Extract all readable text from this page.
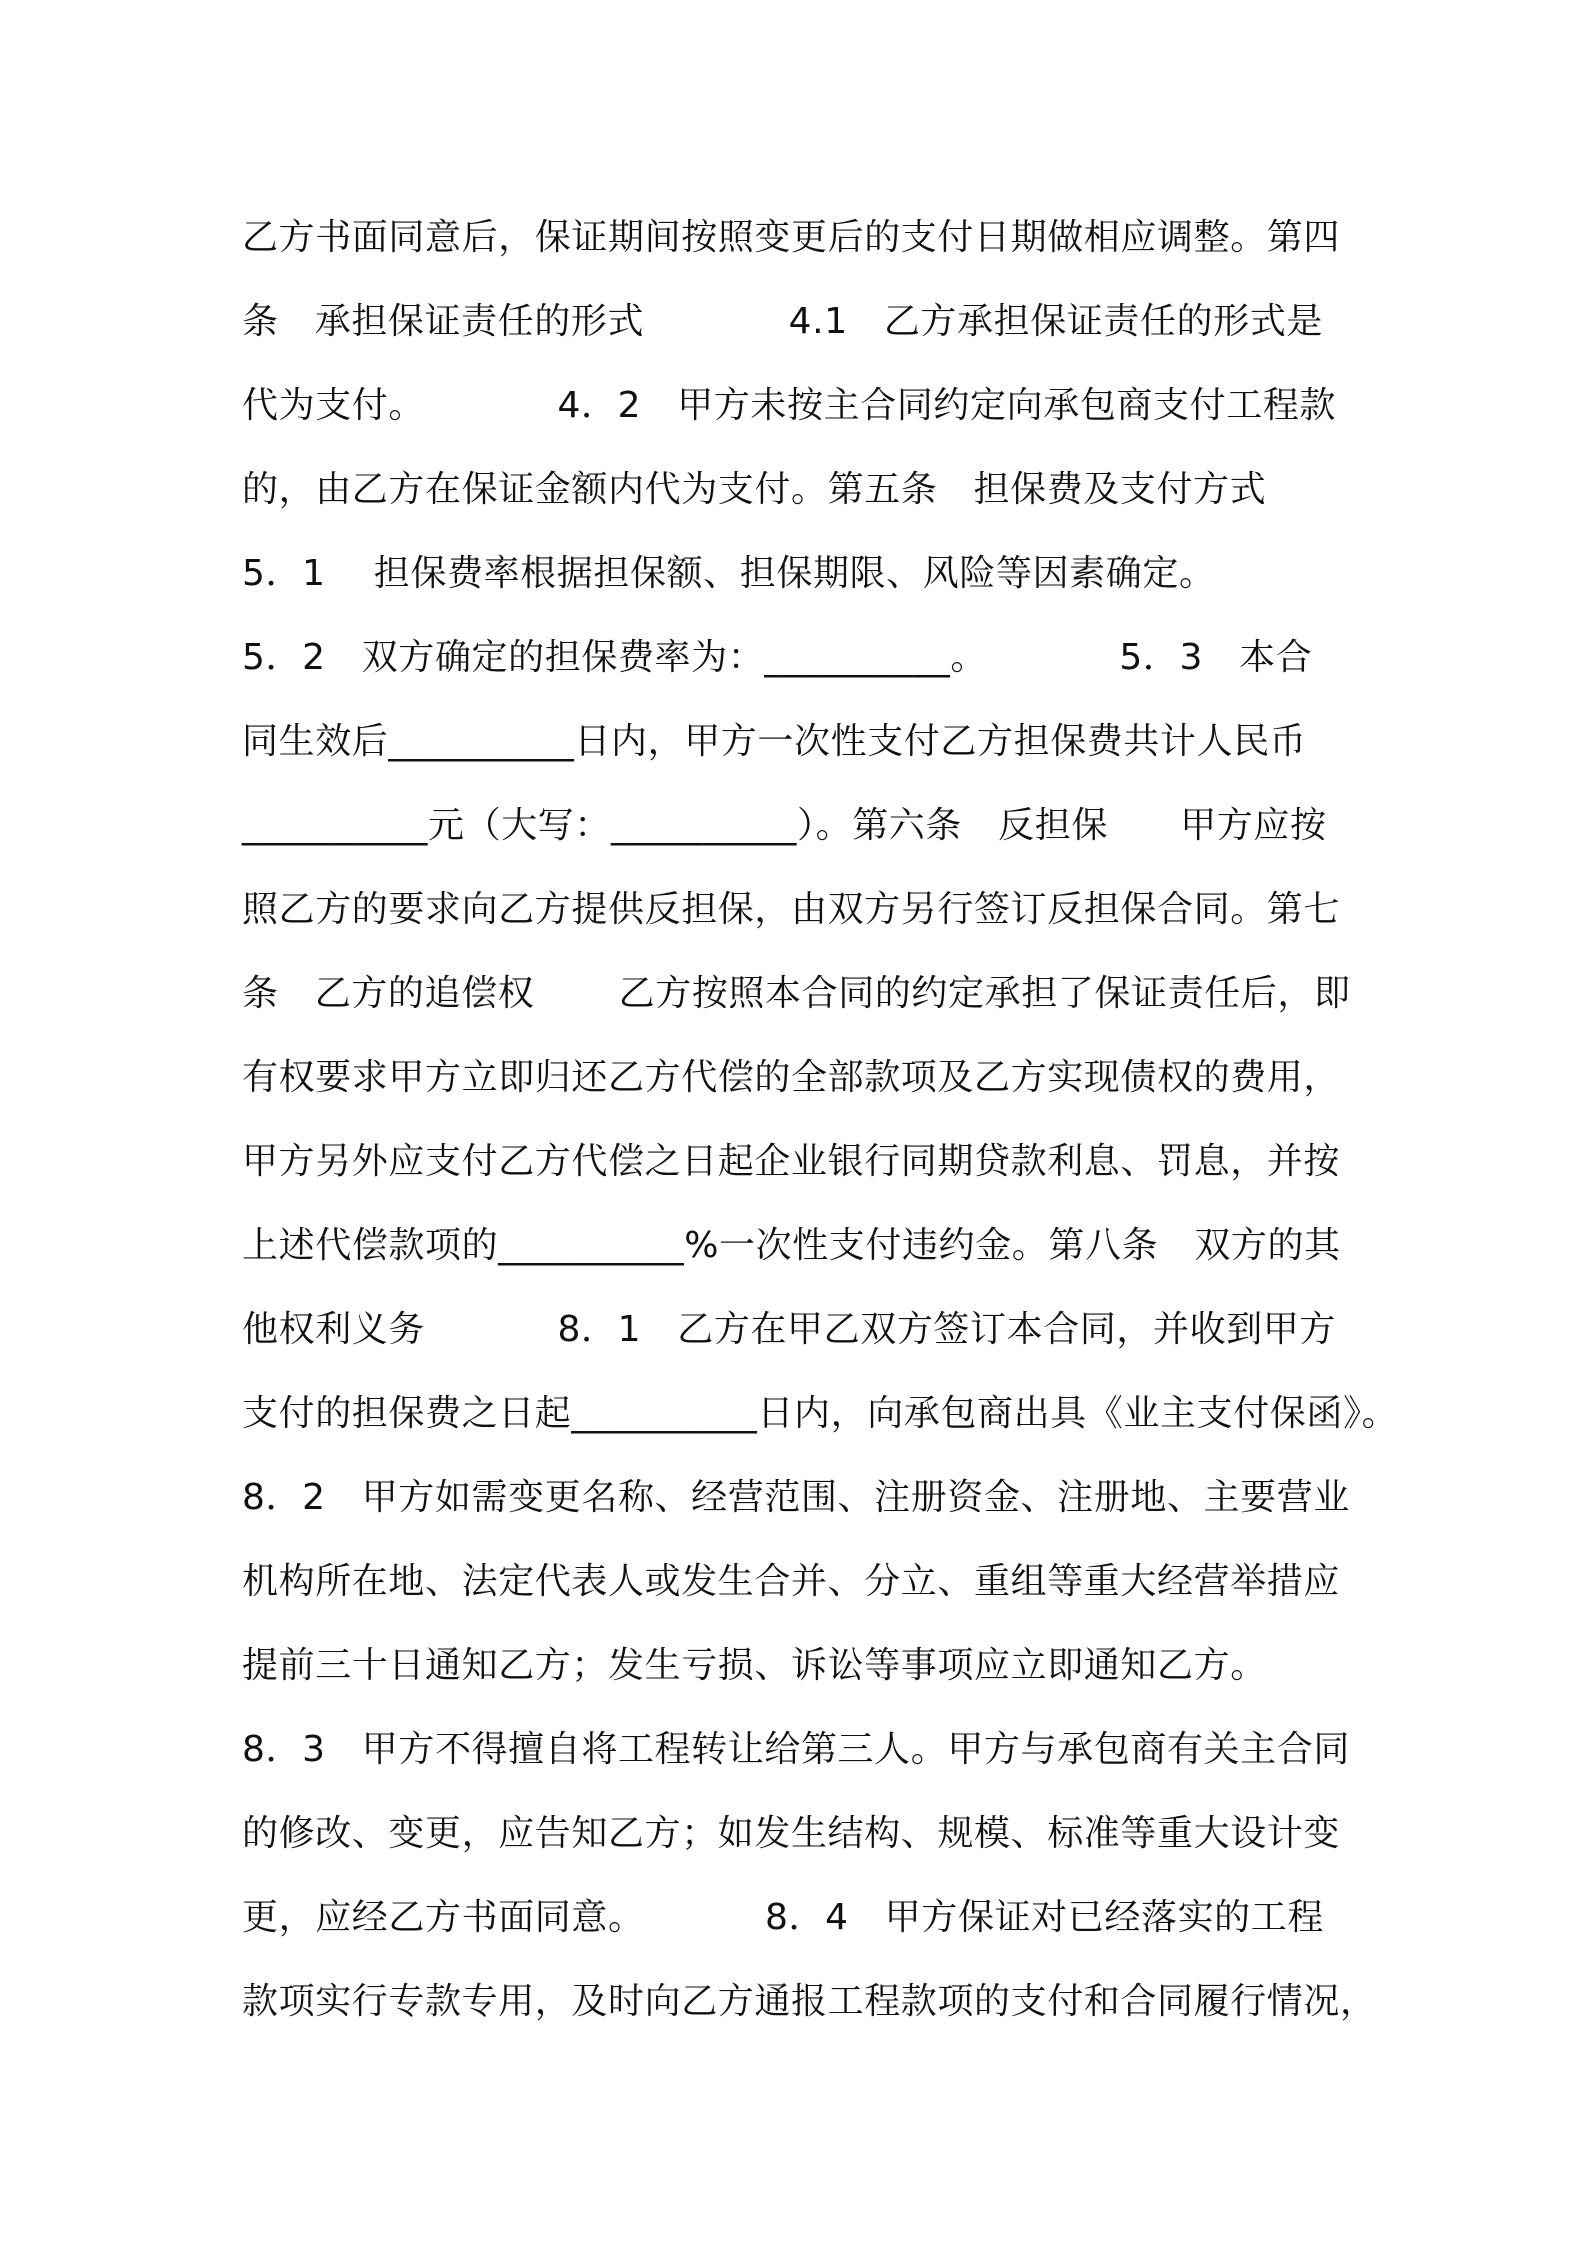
乙方书面同意后，保证期间按照变更后的支付日期做相应调整。第四
条   承担保证责任的形式            4.1   乙方承担保证责任的形式是
代为支付。           4．2   甲方未按主合同约定向承包商支付工程款
的，由乙方在保证金额内代为支付。第五条   担保费及支付方式
5．1    担保费率根据担保额、担保期限、风险等因素确定。
5．2   双方确定的担保费率为：__________。           5．3   本合
同生效后__________日内，甲方一次性支付乙方担保费共计人民币
__________元（大写：__________）。第六条   反担保      甲方应按
照乙方的要求向乙方提供反担保，由双方另行签订反担保合同。第七
条   乙方的追偿权       乙方按照本合同的约定承担了保证责任后，即
有权要求甲方立即归还乙方代偿的全部款项及乙方实现债权的费用，
甲方另外应支付乙方代偿之日起企业银行同期贷款利息、罚息，并按
上述代偿款项的__________%一次性支付违约金。第八条   双方的其
他权利义务           8．1   乙方在甲乙双方签订本合同，并收到甲方
支付的担保费之日起__________日内，向承包商出具《业主支付保函》。
8．2   甲方如需变更名称、经营范围、注册资金、注册地、主要营业
机构所在地、法定代表人或发生合并、分立、重组等重大经营举措应
提前三十日通知乙方；发生亏损、诉讼等事项应立即通知乙方。
8．3   甲方不得擅自将工程转让给第三人。甲方与承包商有关主合同
的修改、变更，应告知乙方；如发生结构、规模、标准等重大设计变
更，应经乙方书面同意。          8．4   甲方保证对已经落实的工程
款项实行专款专用，及时向乙方通报工程款项的支付和合同履行情况，
